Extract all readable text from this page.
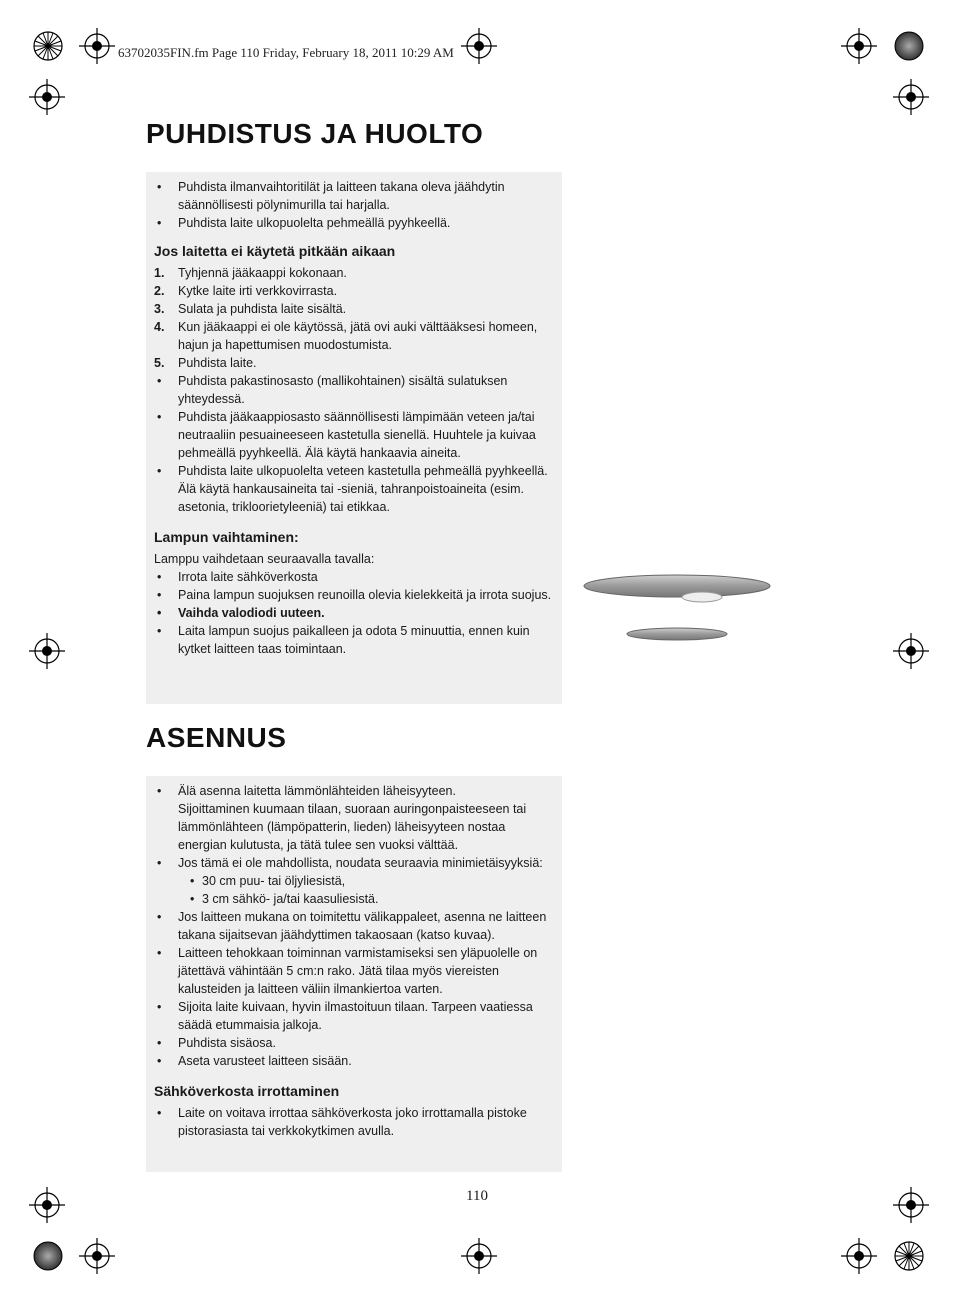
63702035FIN.fm Page 110 Friday, February 18, 2011 10:29 AM
PUHDISTUS JA HUOLTO
• Puhdista ilmanvaihtoritilät ja laitteen takana oleva jäähdytin säännöllisesti pölynimurilla tai harjalla.
• Puhdista laite ulkopuolelta pehmeällä pyyhkeellä.
Jos laitetta ei käytetä pitkään aikaan
1. Tyhjennä jääkaappi kokonaan.
2. Kytke laite irti verkkovirrasta.
3. Sulata ja puhdista laite sisältä.
4. Kun jääkaappi ei ole käytössä, jätä ovi auki välttääksesi homeen, hajun ja hapettumisen muodostumista.
5. Puhdista laite.
• Puhdista pakastinosasto (mallikohtainen) sisältä sulatuksen yhteydessä.
• Puhdista jääkaappiosasto säännöllisesti lämpimään veteen ja/tai neutraaliin pesuaineeseen kastetulla sienellä. Huuhtele ja kuivaa pehmeällä pyyhkeellä. Älä käytä hankaavia aineita.
• Puhdista laite ulkopuolelta veteen kastetulla pehmeällä pyyhkeellä.

Älä käytä hankausaineita tai -sieniä, tahranpoistoaineita (esim. asetonia, trikloorietyleeniä) tai etikkaa.

Lampun vaihtaminen:

Lamppu vaihdetaan seuraavalla tavalla:

• Irrota laite sähköverkosta
• Paina lampun suojuksen reunoilla olevia kielekkeitä ja irrota suojus.
• Vaihda valodiodi uuteen.
• Laita lampun suojus paikalleen ja odota 5 minuuttia, ennen kuin kytket laitteen taas toimintaan.
ASENNUS
• Älä asenna laitetta lämmönlähteiden läheisyyteen.
Sijoittaminen kuumaan tilaan, suoraan auringonpaisteeseen tai lämmönlähteen (lämpöpatterin, lieden) läheisyyteen nostaa energian kulutusta, ja tätä tulee sen vuoksi välttää.
• Jos tämä ei ole mahdollista, noudata seuraavia minimietäisyyksiä:
• 30 cm puu- tai öljyliesistä,
• 3 cm sähkö- ja/tai kaasuliesistä.
• Jos laitteen mukana on toimitettu välikappaleet, asenna ne laitteen takana sijaitsevan jäähdyttimen takaosaan (katso kuvaa).
• Laitteen tehokkaan toiminnan varmistamiseksi sen yläpuolelle on jätettävä vähintään 5 cm:n rako. Jätä tilaa myös viereisten kalusteiden ja laitteen väliin ilmankiertoa varten.
• Sijoita laite kuivaan, hyvin ilmastoituun tilaan. Tarpeen vaatiessa säädä etummaisia jalkoja.
• Puhdista sisäosa.
• Aseta varusteet laitteen sisään.
Sähköverkosta irrottaminen
• Laite on voitava irrottaa sähköverkosta joko irrottamalla pistoke pistorasiasta tai verkkokytkimen avulla.
110
